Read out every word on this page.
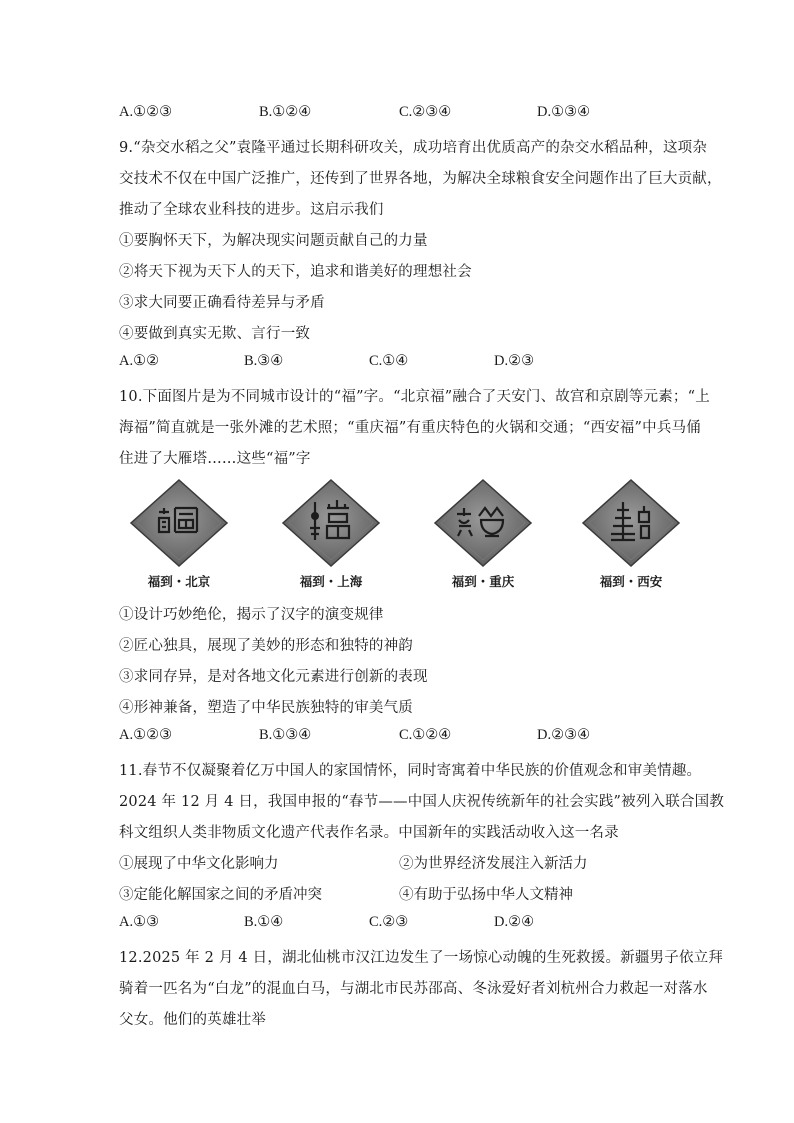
A.①②③	B.①②④	C.②③④	D.①③④
9.“杂交水稻之父”袁隆平通过长期科研攻关，成功培育出优质高产的杂交水稻品种，这项杂
交技术不仅在中国广泛推广，还传到了世界各地，为解决全球粮食安全问题作出了巨大贡献，
推动了全球农业科技的进步。这启示我们
①要胸怀天下，为解决现实问题贡献自己的力量
②将天下视为天下人的天下，追求和谐美好的理想社会
③求大同要正确看待差异与矛盾
④要做到真实无欺、言行一致
A.①②	B.③④	C.①④	D.②③
10.下面图片是为不同城市设计的“福”字。“北京福”融合了天安门、故宫和京剧等元素；“上
海福”简直就是一张外滩的艺术照；“重庆福”有重庆特色的火锅和交通；“西安福”中兵马俑
住进了大雁塔……这些“福”字
福到・北京	福到・上海	福到・重庆	福到・西安
①设计巧妙绝伦，揭示了汉字的演变规律
②匠心独具，展现了美妙的形态和独特的神韵
③求同存异，是对各地文化元素进行创新的表现
④形神兼备，塑造了中华民族独特的审美气质
A.①②③	B.①③④	C.①②④	D.②③④
11.春节不仅凝聚着亿万中国人的家国情怀，同时寄寓着中华民族的价值观念和审美情趣。
2024 年 12 月 4 日，我国申报的“春节——中国人庆祝传统新年的社会实践”被列入联合国教
科文组织人类非物质文化遗产代表作名录。中国新年的实践活动收入这一名录
①展现了中华文化影响力	②为世界经济发展注入新活力
③定能化解国家之间的矛盾冲突	④有助于弘扬中华人文精神
A.①③	B.①④	C.②③	D.②④
12.2025 年 2 月 4 日，湖北仙桃市汉江边发生了一场惊心动魄的生死救援。新疆男子依立拜
骑着一匹名为“白龙”的混血白马，与湖北市民苏邵高、冬泳爱好者刘杭州合力救起一对落水
父女。他们的英雄壮举
